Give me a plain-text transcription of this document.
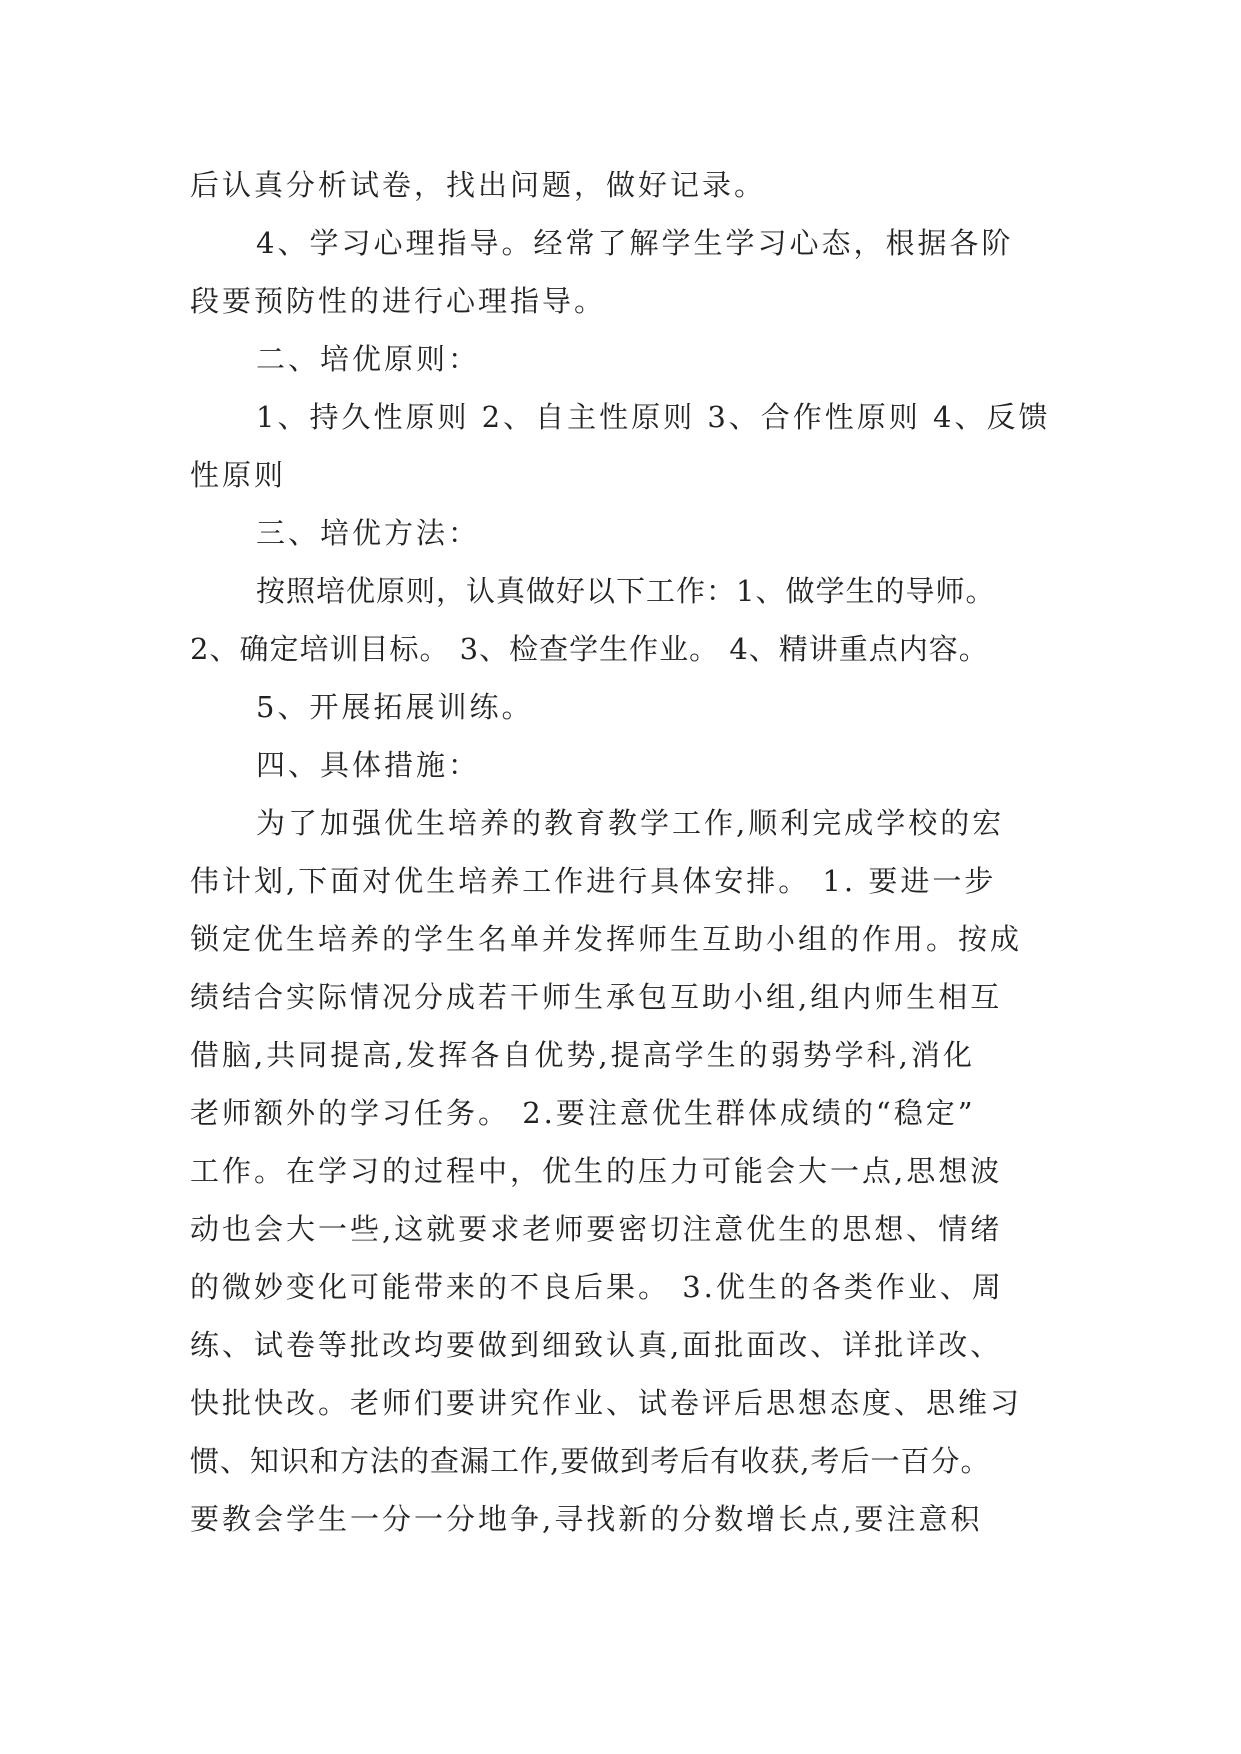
后认真分析试卷，找出问题，做好记录。
4、学习心理指导。经常了解学生学习心态，根据各阶
段要预防性的进行心理指导。
二、培优原则：
1、持久性原则 2、自主性原则 3、合作性原则 4、反馈
性原则
三、培优方法：
按照培优原则，认真做好以下工作：1、做学生的导师。
2、确定培训目标。 3、检查学生作业。 4、精讲重点内容。
5、开展拓展训练。
四、具体措施：
为了加强优生培养的教育教学工作,顺利完成学校的宏
伟计划,下面对优生培养工作进行具体安排。 1. 要进一步
锁定优生培养的学生名单并发挥师生互助小组的作用。按成
绩结合实际情况分成若干师生承包互助小组,组内师生相互
借脑,共同提高,发挥各自优势,提高学生的弱势学科,消化
老师额外的学习任务。 2.要注意优生群体成绩的“稳定”
工作。在学习的过程中，优生的压力可能会大一点,思想波
动也会大一些,这就要求老师要密切注意优生的思想、情绪
的微妙变化可能带来的不良后果。 3.优生的各类作业、周
练、试卷等批改均要做到细致认真,面批面改、详批详改、
快批快改。老师们要讲究作业、试卷评后思想态度、思维习
惯、知识和方法的查漏工作,要做到考后有收获,考后一百分。
要教会学生一分一分地争,寻找新的分数增长点,要注意积
